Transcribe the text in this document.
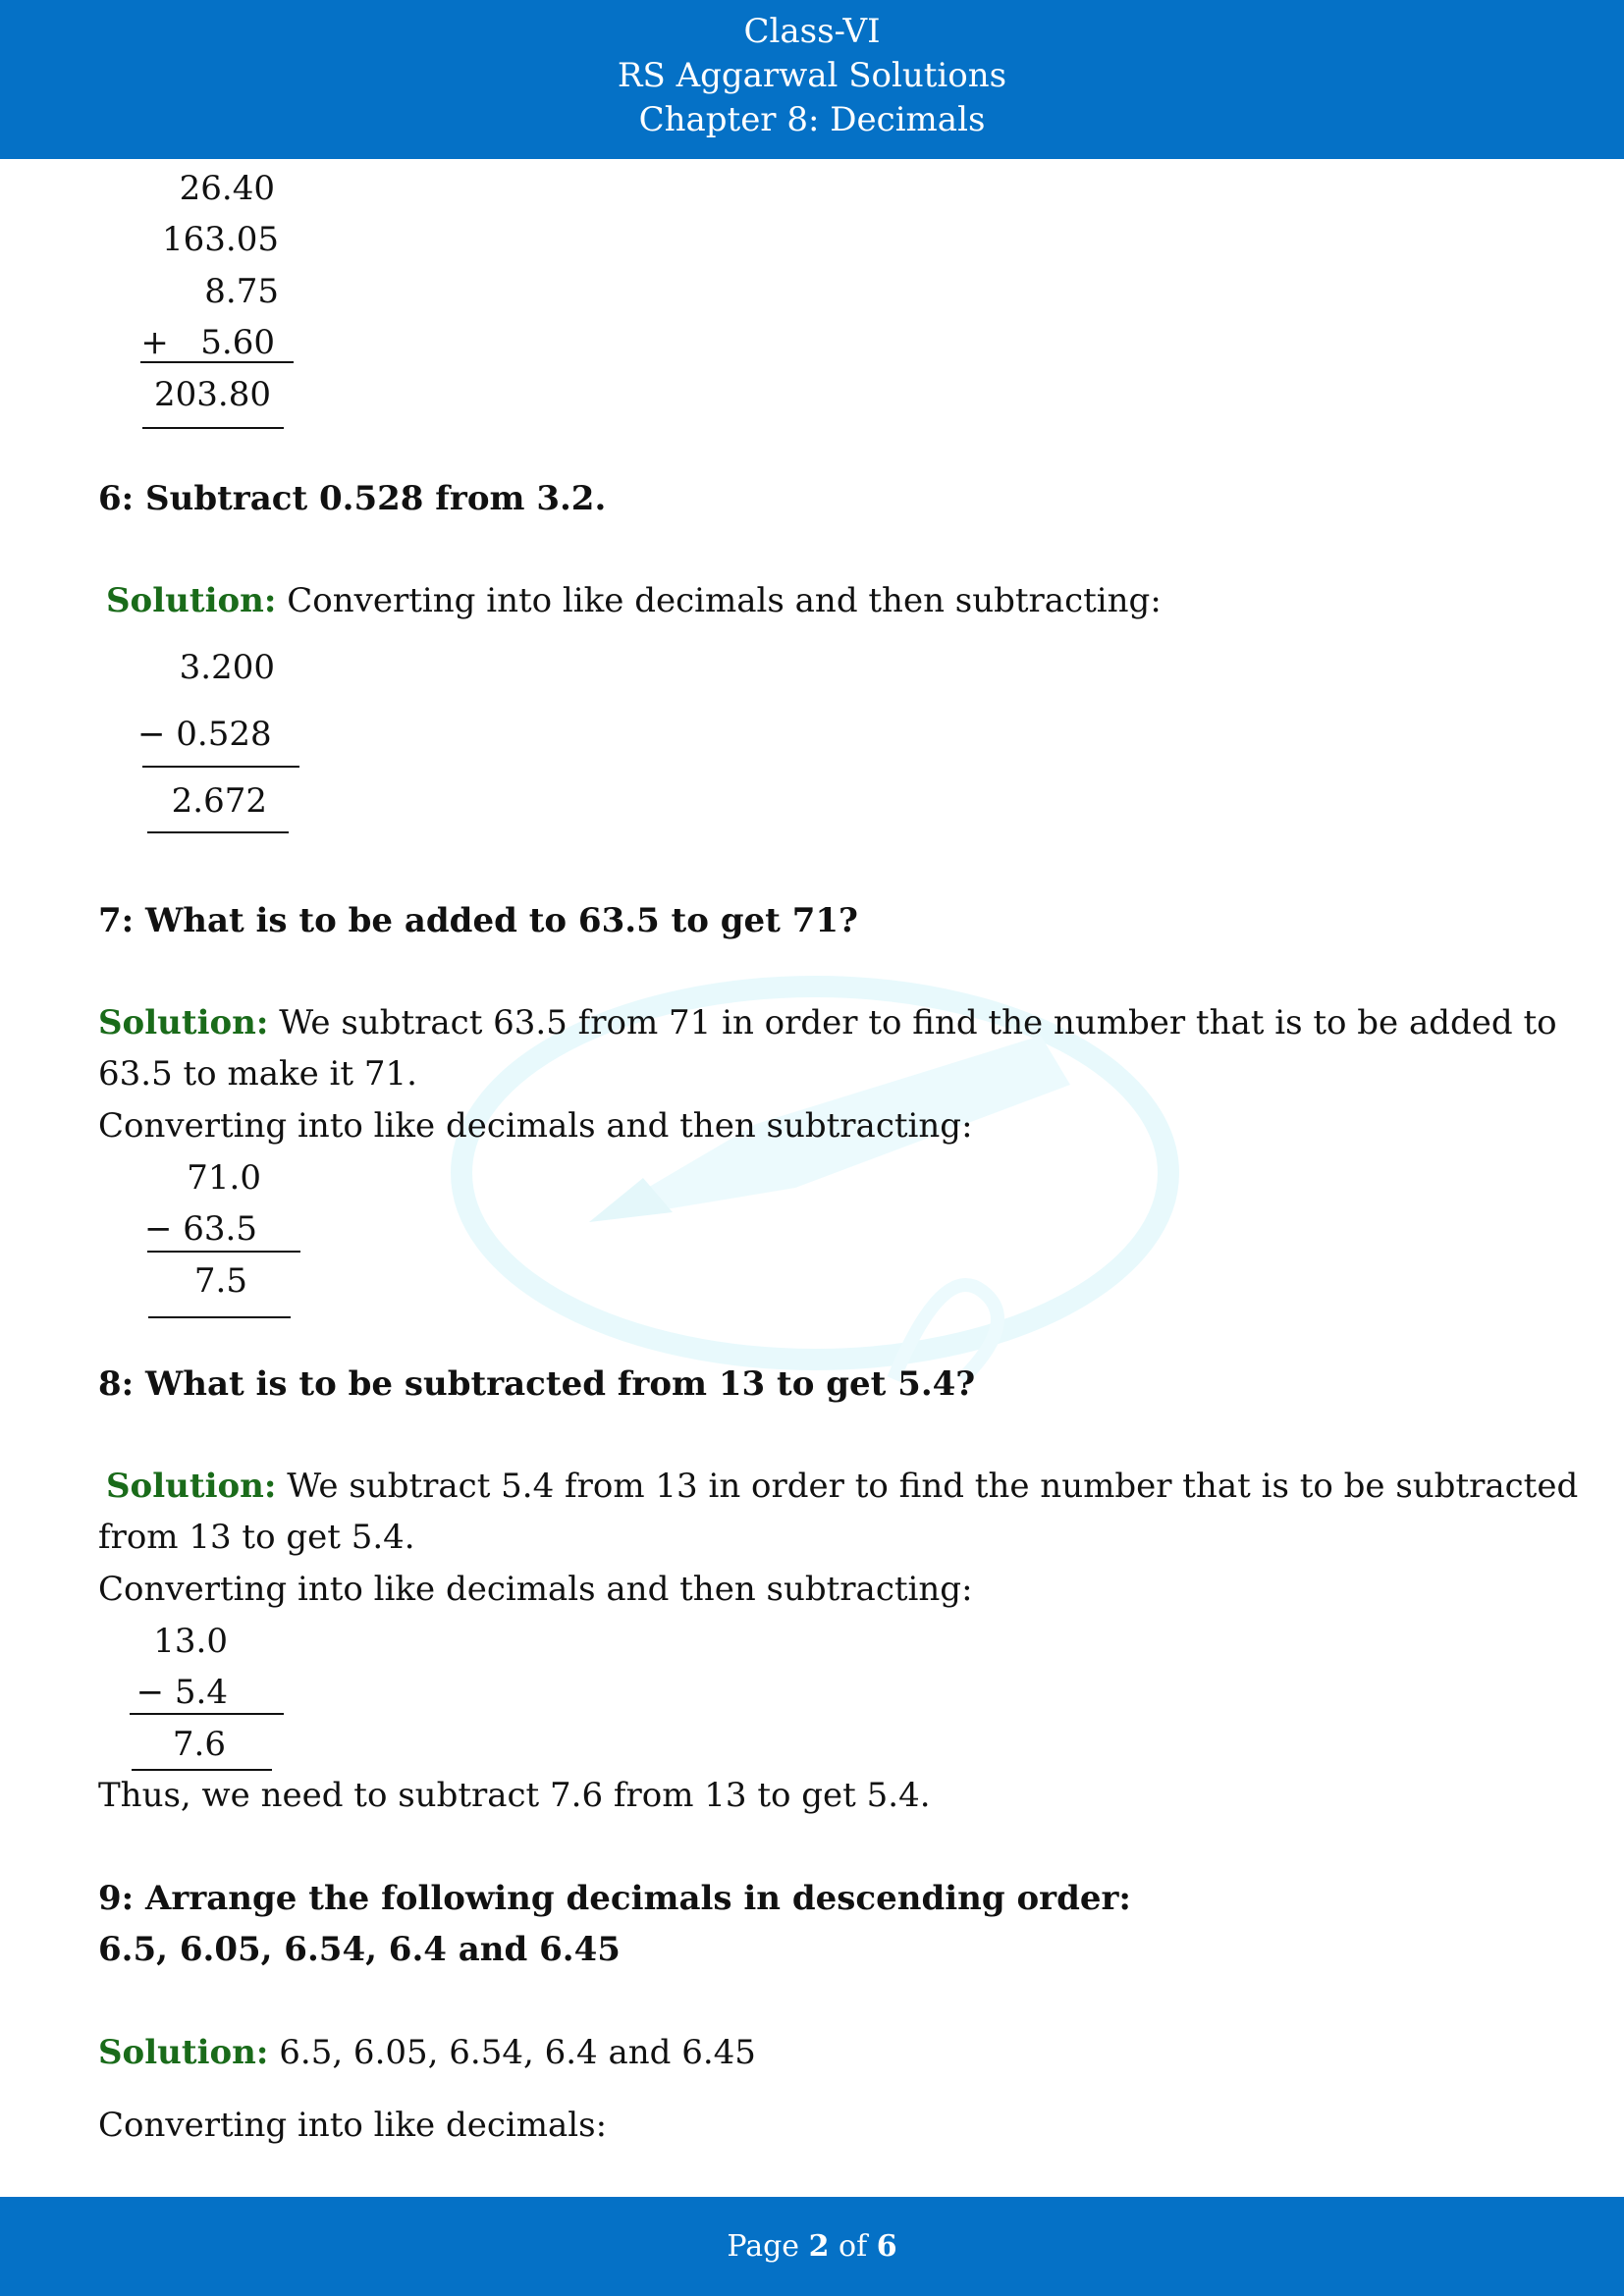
Class-VI
RS Aggarwal Solutions
Chapter 8: Decimals
26.40
163.05
8.75
+   5.60
203.80
6: Subtract 0.528 from 3.2.
Solution: Converting into like decimals and then subtracting:
3.200
− 0.528
2.672
7: What is to be added to 63.5 to get 71?
Solution: We subtract 63.5 from 71 in order to find the number that is to be added to
63.5 to make it 71.
Converting into like decimals and then subtracting:
71.0
− 63.5
7.5
8: What is to be subtracted from 13 to get 5.4?
Solution: We subtract 5.4 from 13 in order to find the number that is to be subtracted
from 13 to get 5.4.
Converting into like decimals and then subtracting:
13.0
− 5.4
7.6
Thus, we need to subtract 7.6 from 13 to get 5.4.
9: Arrange the following decimals in descending order:
6.5, 6.05, 6.54, 6.4 and 6.45
Solution: 6.5, 6.05, 6.54, 6.4 and 6.45
Converting into like decimals:
Page 2 of 6
